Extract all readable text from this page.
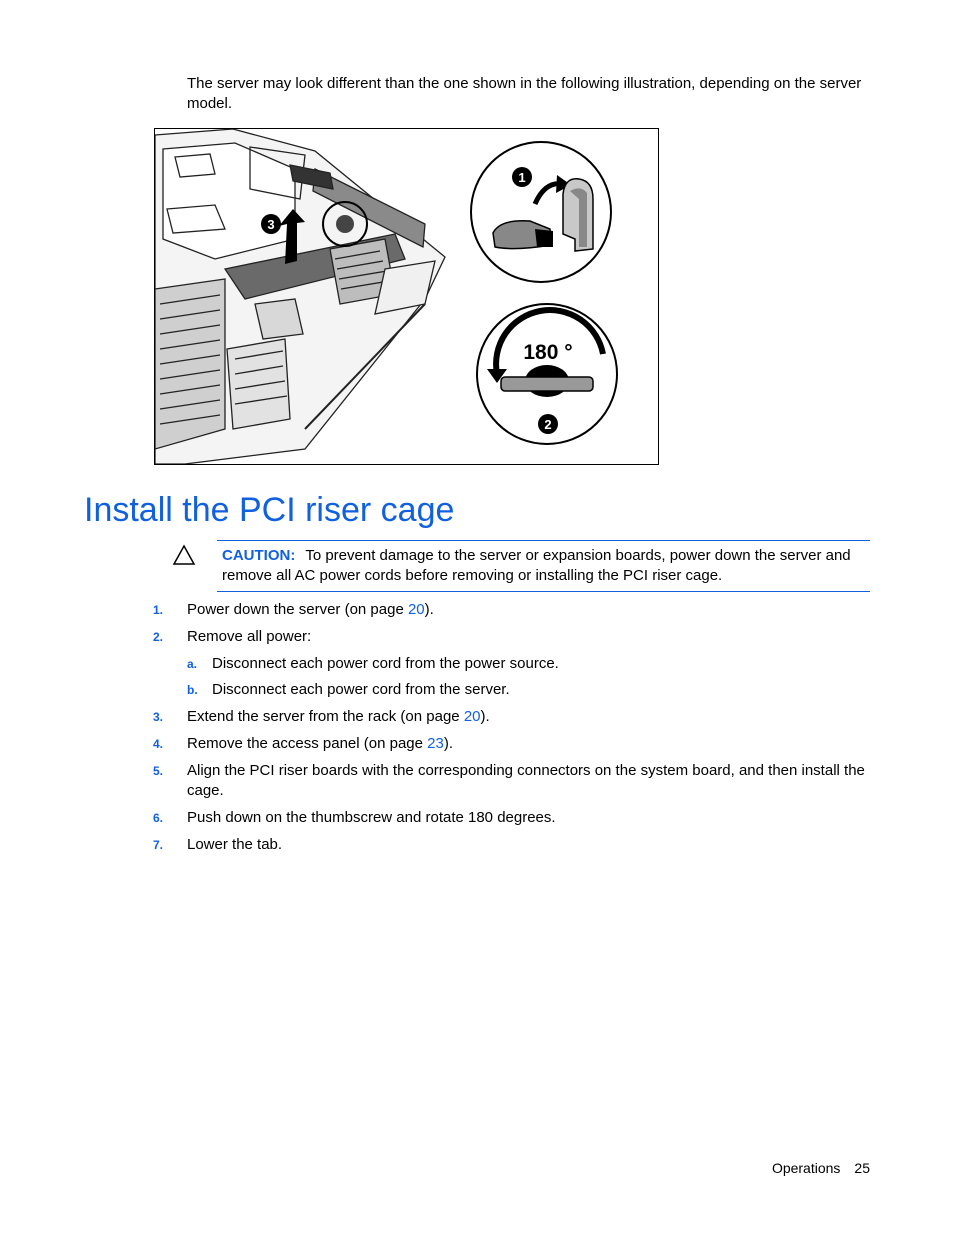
The server may look different than the one shown in the following illustration, depending on the server model.

3
1
180 °
2
Install the PCI riser cage

CAUTION: To prevent damage to the server or expansion boards, power down the server and remove all AC power cords before removing or installing the PCI riser cage.

1. Power down the server (on page 20).
2. Remove all power:
a. Disconnect each power cord from the power source.
b. Disconnect each power cord from the server.
3. Extend the server from the rack (on page 20).
4. Remove the access panel (on page 23).
5. Align the PCI riser boards with the corresponding connectors on the system board, and then install the cage.
6. Push down on the thumbscrew and rotate 180 degrees.
7. Lower the tab.
Operations 25
